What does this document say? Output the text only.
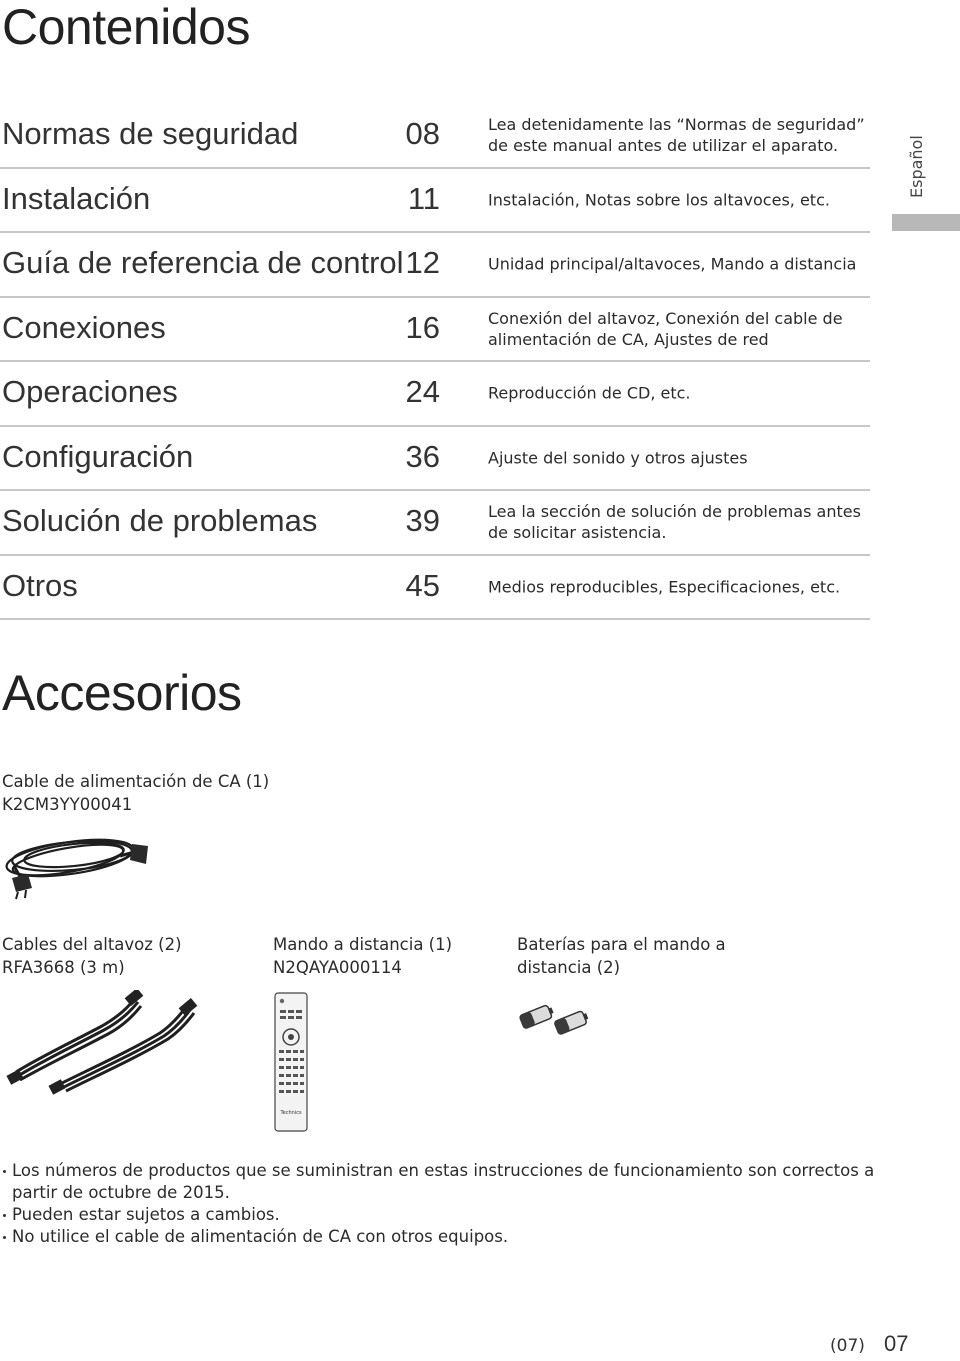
Contenidos
Normas de seguridad	08	Lea detenidamente las “Normas de seguridad”
de este manual antes de utilizar el aparato.
Instalación	11	Instalación, Notas sobre los altavoces, etc.
Guía de referencia de control 12	Unidad principal/altavoces, Mando a distancia
Conexiones	16	Conexión del altavoz, Conexión del cable de
alimentación de CA, Ajustes de red
Operaciones	24	Reproducción de CD, etc.
Configuración	36	Ajuste del sonido y otros ajustes
Solución de problemas	39	Lea la sección de solución de problemas antes
de solicitar asistencia.
Otros	45	Medios reproducibles, Especificaciones, etc.
Español
Accesorios
Cable de alimentación de CA (1)
K2CM3YY00041
Cables del altavoz (2)
RFA3668 (3 m)
Mando a distancia (1)
N2QAYA000114
Technics
Baterías para el mando a
distancia (2)
Los números de productos que se suministran en estas instrucciones de funcionamiento son correctos a partir de octubre de 2015.
Pueden estar sujetos a cambios.
No utilice el cable de alimentación de CA con otros equipos.
(07) 07
